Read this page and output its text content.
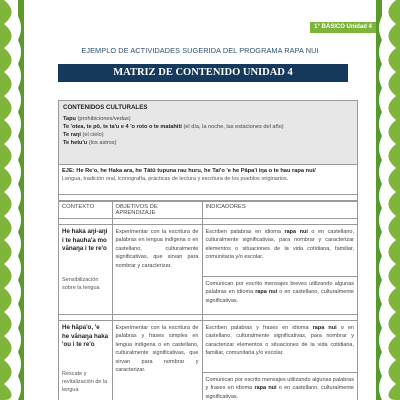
1° BÁSICO Unidad 4
EJEMPLO DE ACTIVIDADES SUGERIDA DEL PROGRAMA RAPA NUI
MATRIZ DE CONTENIDO UNIDAD 4
CONTENIDOS CULTURALES
Tapu (prohibiciones/vedas)
Te 'otea, te pō, te ta'u e 4 'o roto o te matahiti (el día, la noche, las estaciones del año)
Te raŋi (el cielo)
Te hetu'u (los astros)
EJE: He Re'o, he Haka ara, he Tātū tupuna rau huru, he Tai'o 'e he Pāpa'i iŋa o te hau rapa nui/
Lengua, tradición oral, iconografía, prácticas de lectura y escritura de los pueblos originarios.
CONTEXTO	OBJETIVOS DE APRENDIZAJE	INDICADORES

He haka aŋi-aŋi i te hauha'a mo vānaŋa i te re'o
Sensibilización sobre la lengua	Experimentar con la escritura de palabras en lengua indígena o en castellano, culturalmente significativas, que sirvan para nombrar y caracterizar.	Escriben palabras en idioma rapa nui o en castellano, culturalmente significativas, para nombrar y caracterizar elementos o situaciones de la vida cotidiana, familiar, comunitaria y/o escolar.
		Comunican por escrito mensajes breves utilizando algunas palabras en idioma rapa nui o en castellano, culturalmente significativas.

He hāpa'o, 'e he vānaŋa haka 'ou i te re'o
Rescate y revitalización de la lengua	Experimentar con la escritura de palabras y frases simples en lengua indígena o en castellano, culturalmente significativas, que sirvan para nombrar y caracterizar.	Escriben palabras y frases en idioma rapa nui o en castellano, culturalmente significativas, para nombrar y caracterizar elementos o situaciones de la vida cotidiana, familiar, comunitaria y/o escolar.
		Comunican por escrito mensajes utilizando algunas palabras y frases en idioma rapa nui o en castellano, culturalmente significativas.
